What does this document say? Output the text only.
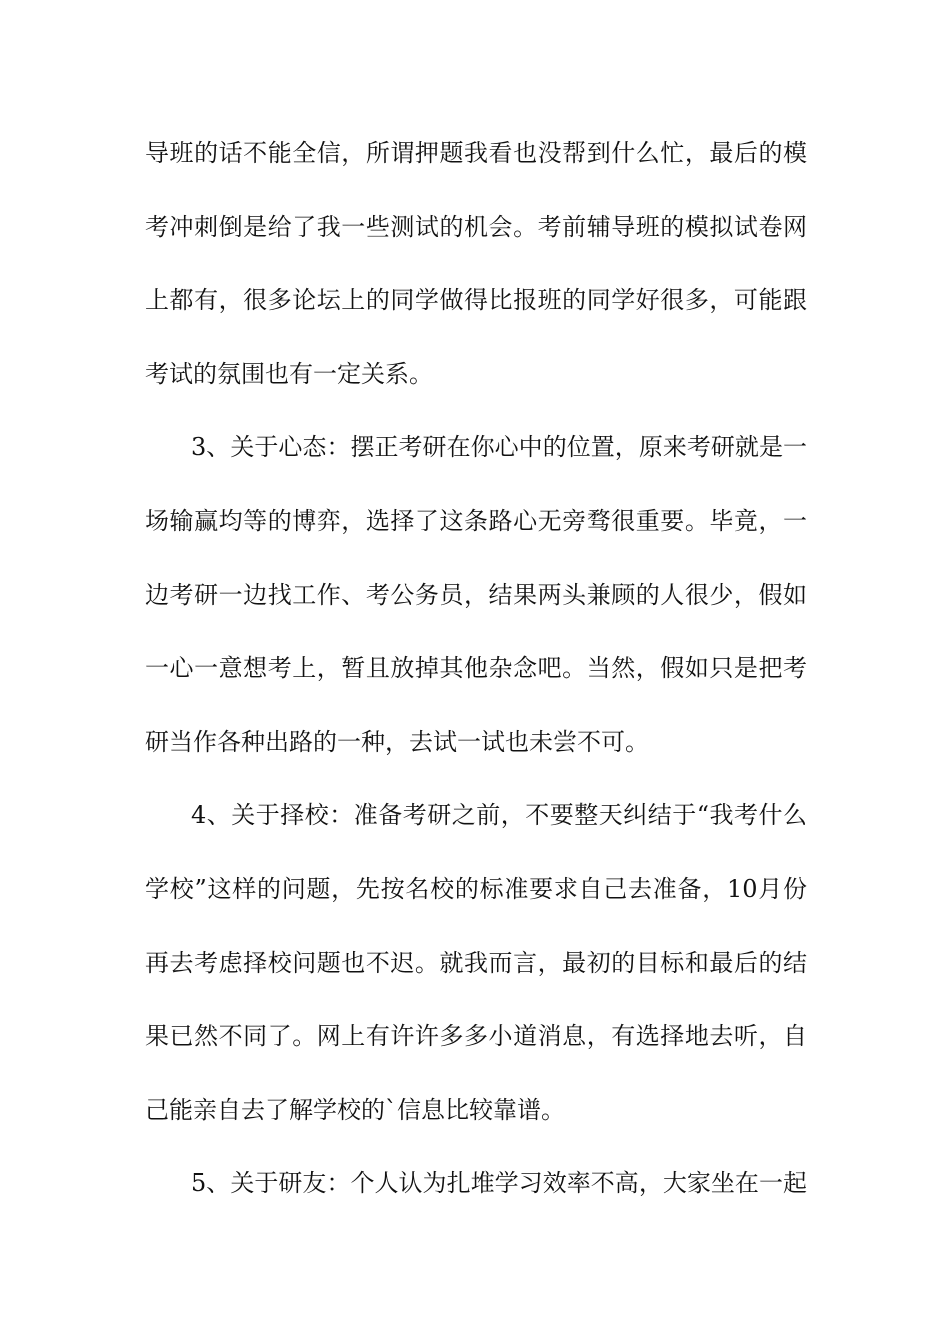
导班的话不能全信，所谓押题我看也没帮到什么忙，最后的模
考冲刺倒是给了我一些测试的机会。考前辅导班的模拟试卷网
上都有，很多论坛上的同学做得比报班的同学好很多，可能跟
考试的氛围也有一定关系。
3、关于心态：摆正考研在你心中的位置，原来考研就是一
场输赢均等的博弈，选择了这条路心无旁骛很重要。毕竟，一
边考研一边找工作、考公务员，结果两头兼顾的人很少，假如
一心一意想考上，暂且放掉其他杂念吧。当然，假如只是把考
研当作各种出路的一种，去试一试也未尝不可。
4、关于择校：准备考研之前，不要整天纠结于“我考什么
学校”这样的问题，先按名校的标准要求自己去准备，10月份
再去考虑择校问题也不迟。就我而言，最初的目标和最后的结
果已然不同了。网上有许许多多小道消息，有选择地去听，自
己能亲自去了解学校的`信息比较靠谱。
5、关于研友：个人认为扎堆学习效率不高，大家坐在一起
